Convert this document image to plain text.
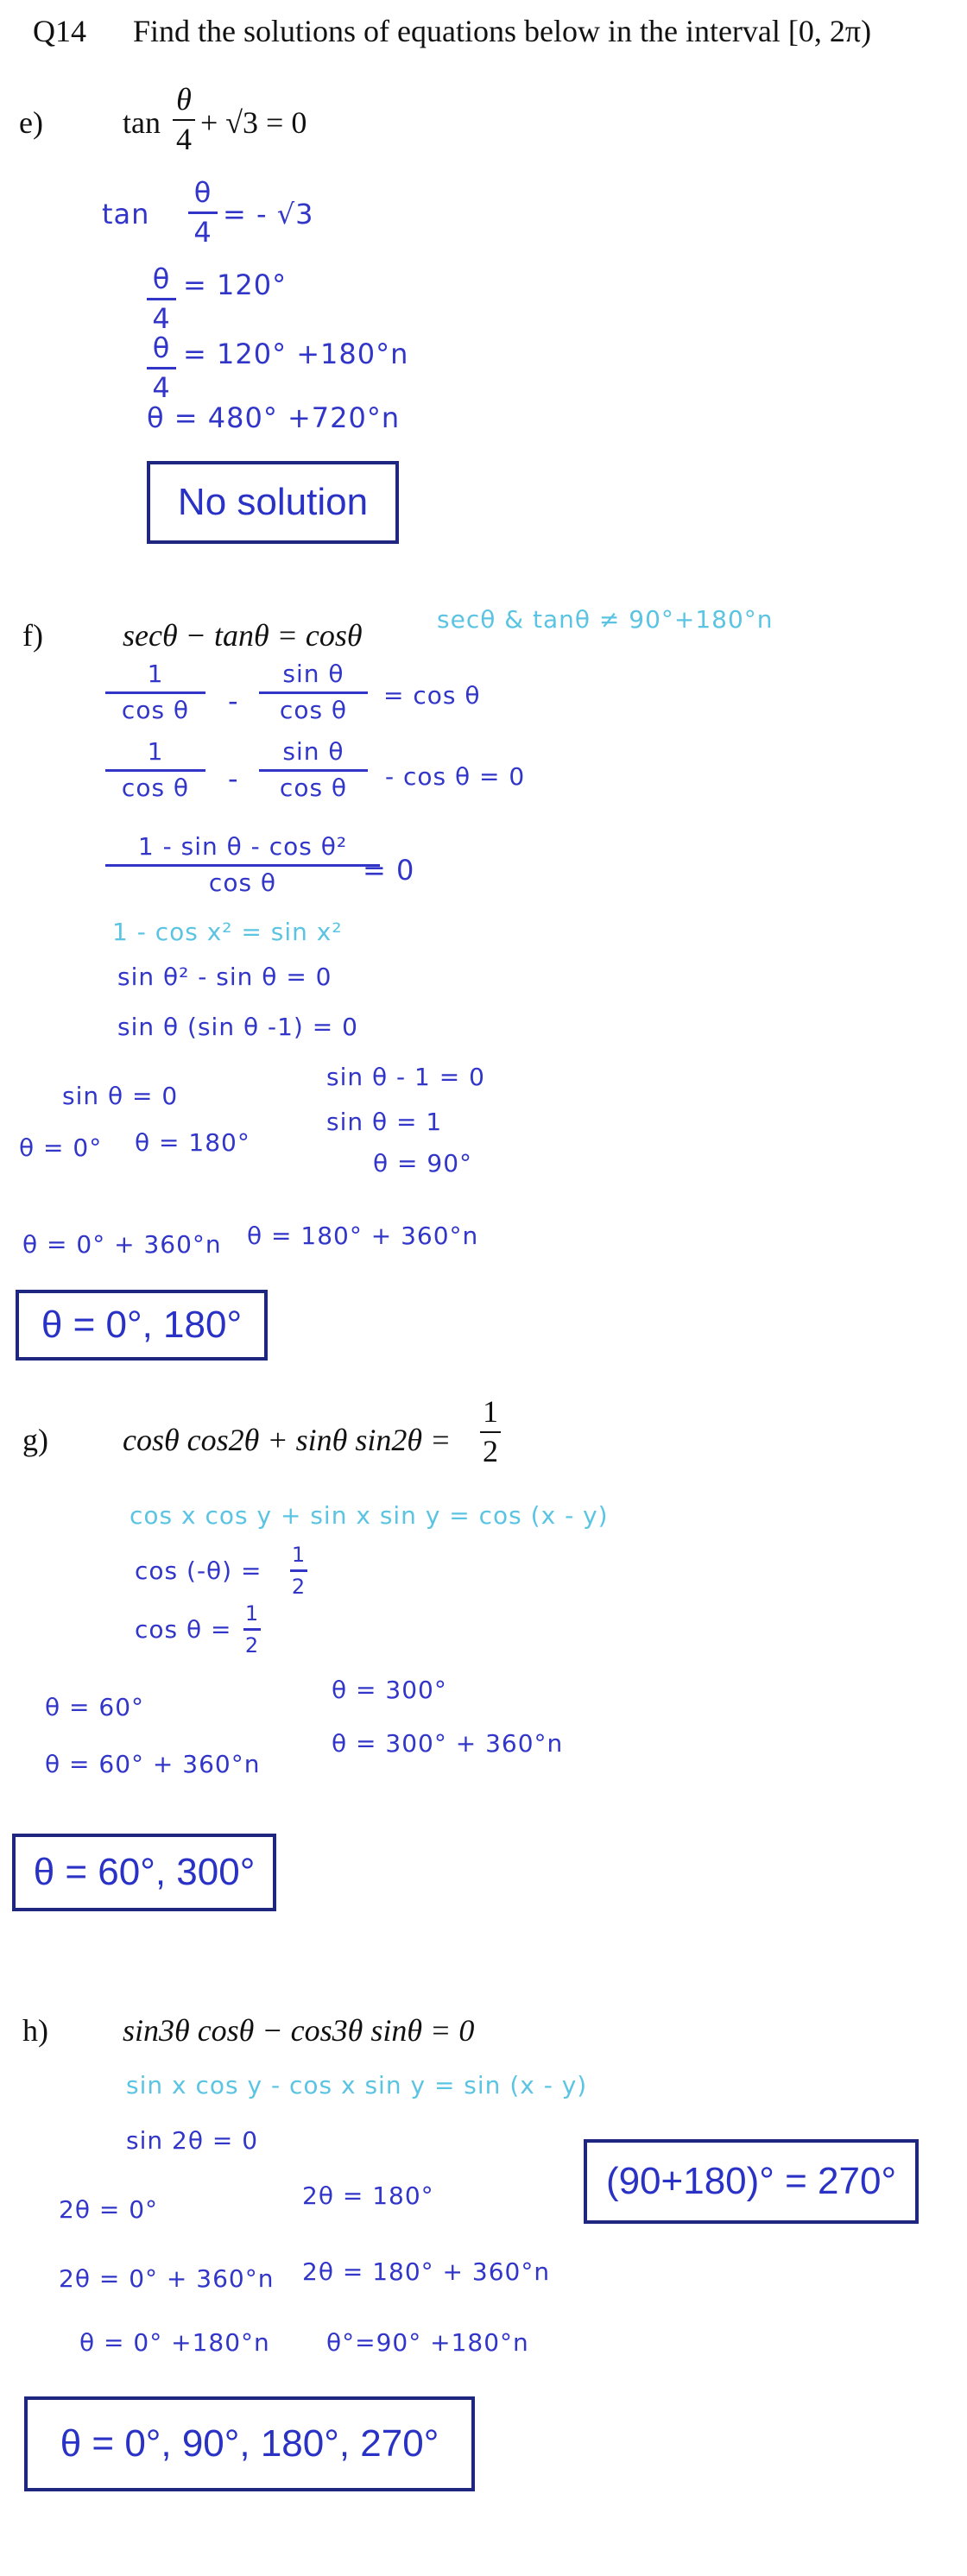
Q14 Find the solutions of equations below in the interval [0, 2π)
e)	tan
θ
4 + √3 = 0
tan
θ
4
= - √3
θ
4
= 120°
θ
4
= 120° +180°n
θ = 480° +720°n
No solution
f)	secθ − tanθ = cosθ	secθ & tanθ ≠ 90°+180°n
1
cos θ -
sin θ
cos θ
= cos θ
1
cos θ -
sin θ
cos θ - cos θ = 0
1 - sin θ - cos θ²
cos θ	= 0
1 - cos x² = sin x²
sin θ² - sin θ = 0
sin θ (sin θ -1) = 0
sin θ = 0
θ = 0° θ = 180°
sin θ - 1 = 0
sin θ = 1
θ = 90°
θ = 0° + 360°n θ = 180° + 360°n
θ = 0°, 180°
g) cosθ cos2θ + sinθ sin2θ =
1
2
cos x cos y + sin x sin y = cos (x - y)
cos (-θ) =
1
2
cos θ =
1
2
θ = 60°
θ = 60° + 360°n
θ = 300°
θ = 300° + 360°n
θ = 60°, 300°
h) sin3θ cosθ − cos3θ sinθ = 0
sin x cos y - cos x sin y = sin (x - y)
sin 2θ = 0
(90+180)° = 270°
2θ = 0°
2θ = 0° + 360°n
θ = 0° +180°n
2θ = 180°
2θ = 180° + 360°n
θ°=90° +180°n
θ = 0°, 90°, 180°, 270°
